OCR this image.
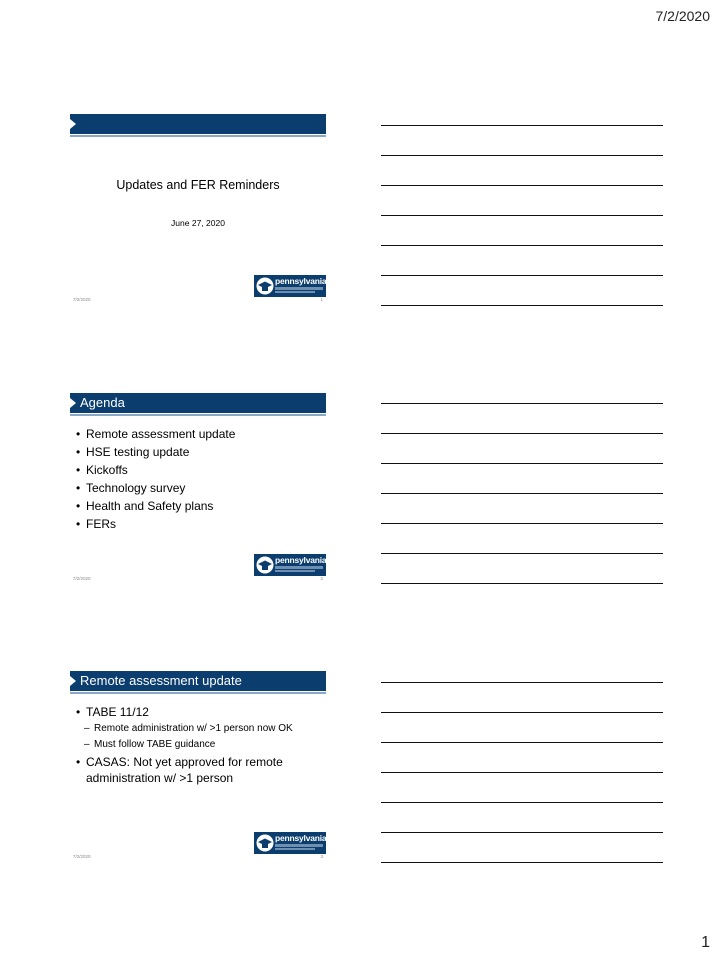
7/2/2020
Updates and FER Reminders
June 27, 2020
pennsylvania
7/2/2020	1
Agenda
• Remote assessment update
• HSE testing update
• Kickoffs
• Technology survey
• Health and Safety plans
• FERs
pennsylvania
7/2/2020	2
Remote assessment update
• TABE 11/12
– Remote administration w/ >1 person now OK
– Must follow TABE guidance
• CASAS: Not yet approved for remote administration w/ >1 person
pennsylvania
7/2/2020	3
1
